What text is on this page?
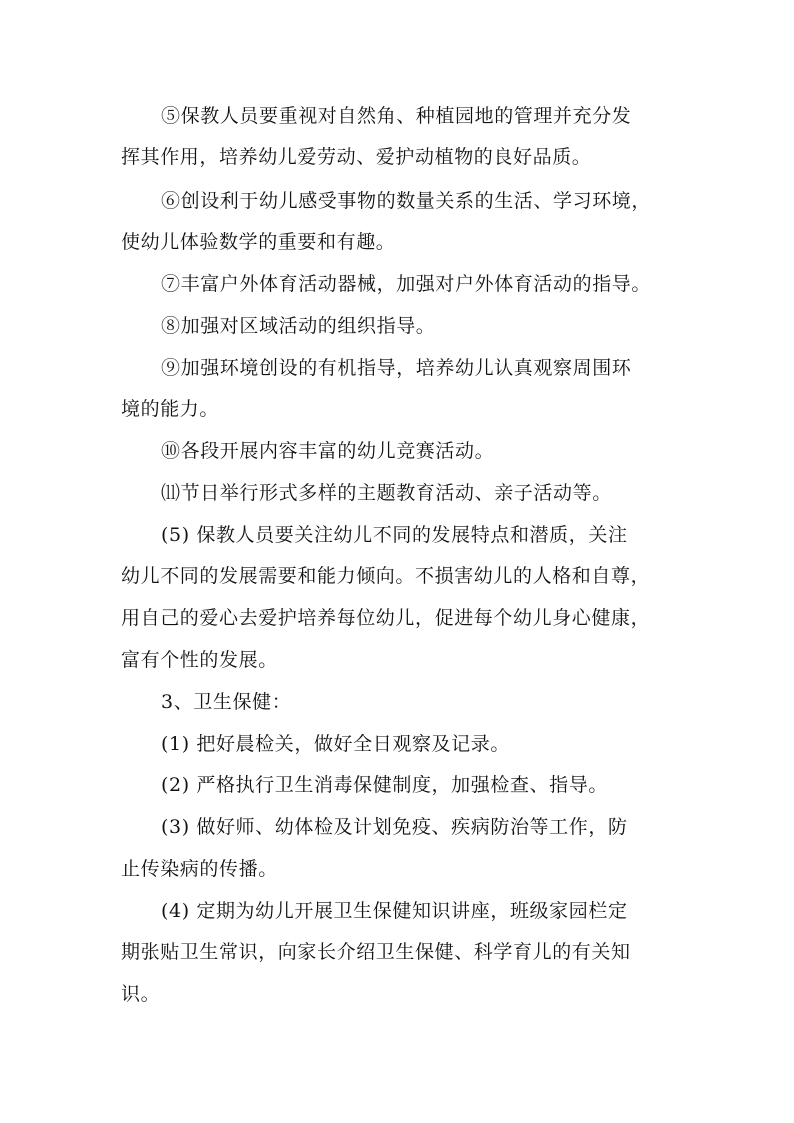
⑤保教人员要重视对自然角、种植园地的管理并充分发
挥其作用，培养幼儿爱劳动、爱护动植物的良好品质。
⑥创设利于幼儿感受事物的数量关系的生活、学习环境，
使幼儿体验数学的重要和有趣。
⑦丰富户外体育活动器械，加强对户外体育活动的指导。
⑧加强对区域活动的组织指导。
⑨加强环境创设的有机指导，培养幼儿认真观察周围环
境的能力。
⑩各段开展内容丰富的幼儿竞赛活动。
⑾节日举行形式多样的主题教育活动、亲子活动等。
(5) 保教人员要关注幼儿不同的发展特点和潜质，关注
幼儿不同的发展需要和能力倾向。不损害幼儿的人格和自尊，
用自己的爱心去爱护培养每位幼儿，促进每个幼儿身心健康，
富有个性的发展。
3、卫生保健：
(1) 把好晨检关，做好全日观察及记录。
(2) 严格执行卫生消毒保健制度，加强检查、指导。
(3) 做好师、幼体检及计划免疫、疾病防治等工作，防
止传染病的传播。
(4) 定期为幼儿开展卫生保健知识讲座，班级家园栏定
期张贴卫生常识，向家长介绍卫生保健、科学育儿的有关知
识。
